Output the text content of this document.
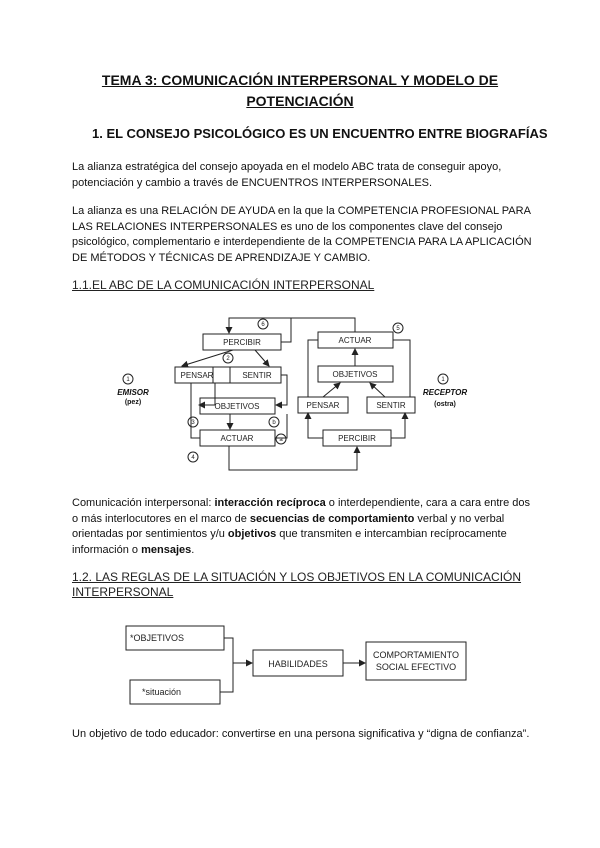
TEMA 3: COMUNICACIÓN INTERPERSONAL Y MODELO DE POTENCIACIÓN
1. EL CONSEJO PSICOLÓGICO ES UN ENCUENTRO ENTRE BIOGRAFÍAS
La alianza estratégica del consejo apoyada en el modelo ABC trata de conseguir apoyo, potenciación y cambio a través de ENCUENTROS INTERPERSONALES.
La alianza es una RELACIÓN DE AYUDA en la que la COMPETENCIA PROFESIONAL PARA LAS RELACIONES INTERPERSONALES es uno de los componentes clave del consejo psicológico, complementario e interdependiente de la COMPETENCIA PARA LA APLICACIÓN DE MÉTODOS Y TÉCNICAS DE APRENDIZAJE Y CAMBIO.
1.1.EL ABC DE LA COMUNICACIÓN INTERPERSONAL
PERCIBIR
PENSAR	SENTIR
OBJETIVOS
ACTUAR
ACTUAR
OBJETIVOS
PENSAR	SENTIR
PERCIBIR
6
2
3	b
4
a
5
1	1
EMISOR	RECEPTOR
(pez)	(ostra)
Comunicación interpersonal: interacción recíproca o interdependiente, cara a cara entre dos o más interlocutores en el marco de secuencias de comportamiento verbal y no verbal orientadas por sentimientos y/u objetivos que transmiten e intercambian recíprocamente información o mensajes.
1.2. LAS REGLAS DE LA SITUACIÓN Y LOS OBJETIVOS EN LA COMUNICACIÓN INTERPERSONAL
*OBJETIVOS
*situación
HABILIDADES
COMPORTAMIENTO
SOCIAL EFECTIVO
Un objetivo de todo educador: convertirse en una persona significativa y “digna de confianza”.
